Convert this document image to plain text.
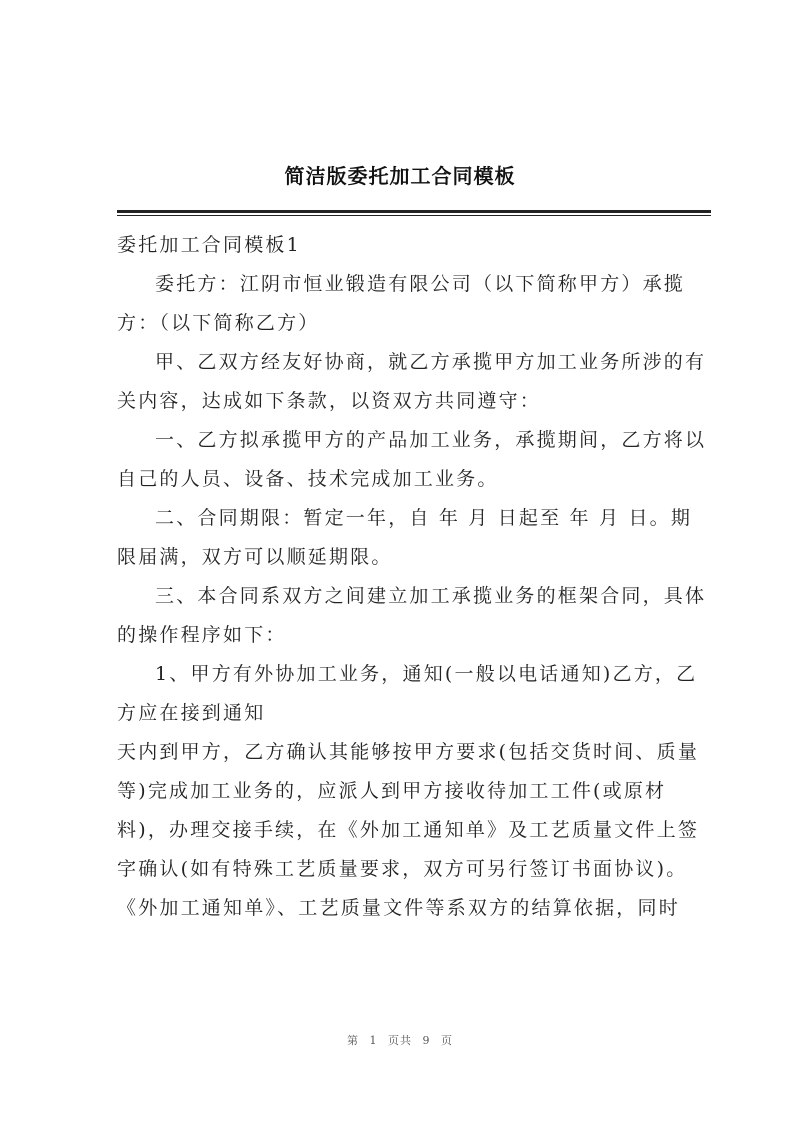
简洁版委托加工合同模板
委托加工合同模板1
委托方：江阴市恒业锻造有限公司（以下简称甲方）承揽
方：（以下简称乙方）
甲、乙双方经友好协商，就乙方承揽甲方加工业务所涉的有
关内容，达成如下条款，以资双方共同遵守：
一、乙方拟承揽甲方的产品加工业务，承揽期间，乙方将以
自己的人员、设备、技术完成加工业务。
二、合同期限：暂定一年，自 年 月 日起至 年 月 日。期
限届满，双方可以顺延期限。
三、本合同系双方之间建立加工承揽业务的框架合同，具体
的操作程序如下：
1、甲方有外协加工业务，通知(一般以电话通知)乙方，乙
方应在接到通知
天内到甲方，乙方确认其能够按甲方要求(包括交货时间、质量
等)完成加工业务的，应派人到甲方接收待加工工件(或原材
料)，办理交接手续，在《外加工通知单》及工艺质量文件上签
字确认(如有特殊工艺质量要求，双方可另行签订书面协议)。
《外加工通知单》、工艺质量文件等系双方的结算依据，同时
第 1 页共 9 页
